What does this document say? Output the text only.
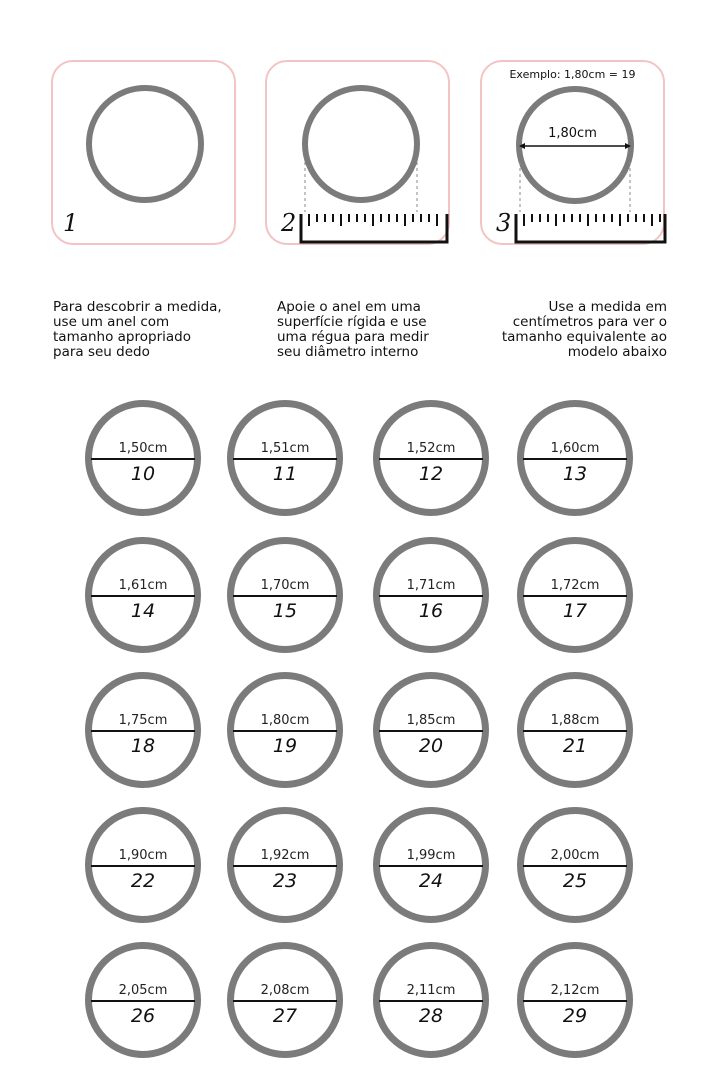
1	2
Exemplo: 1,80cm = 19
1,80cm
3
Para descobrir a medida,
use um anel com
tamanho apropriado
para seu dedo
Apoie o anel em uma
superfície rígida e use
uma régua para medir
seu diâmetro interno
Use a medida em
centímetros para ver o
tamanho equivalente ao
modelo abaixo
1,50cm
10
1,51cm
11
1,52cm
12
1,60cm
13
1,61cm
14
1,70cm
15
1,71cm
16
1,72cm
17
1,75cm
18
1,80cm
19
1,85cm
20
1,88cm
21
1,90cm
22
1,92cm
23
1,99cm
24
2,00cm
25
2,05cm
26
2,08cm
27
2,11cm
28
2,12cm
29
